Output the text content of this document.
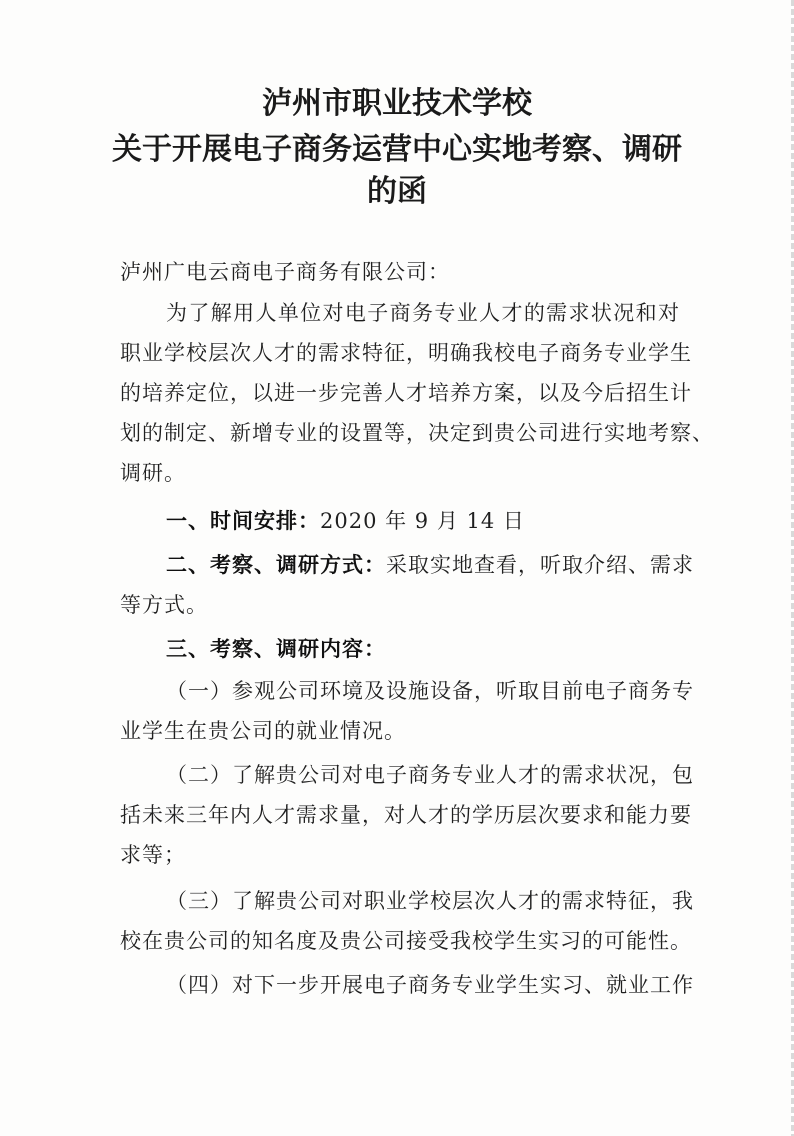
泸州市职业技术学校
关于开展电子商务运营中心实地考察、调研
的函
泸州广电云商电子商务有限公司：
为了解用人单位对电子商务专业人才的需求状况和对
职业学校层次人才的需求特征，明确我校电子商务专业学生
的培养定位，以进一步完善人才培养方案，以及今后招生计
划的制定、新增专业的设置等，决定到贵公司进行实地考察、
调研。
一、时间安排：2020 年 9 月 14 日
二、考察、调研方式：采取实地查看，听取介绍、需求
等方式。
三、考察、调研内容：
（一）参观公司环境及设施设备，听取目前电子商务专
业学生在贵公司的就业情况。
（二）了解贵公司对电子商务专业人才的需求状况，包
括未来三年内人才需求量，对人才的学历层次要求和能力要
求等；
（三）了解贵公司对职业学校层次人才的需求特征，我
校在贵公司的知名度及贵公司接受我校学生实习的可能性。
（四）对下一步开展电子商务专业学生实习、就业工作
